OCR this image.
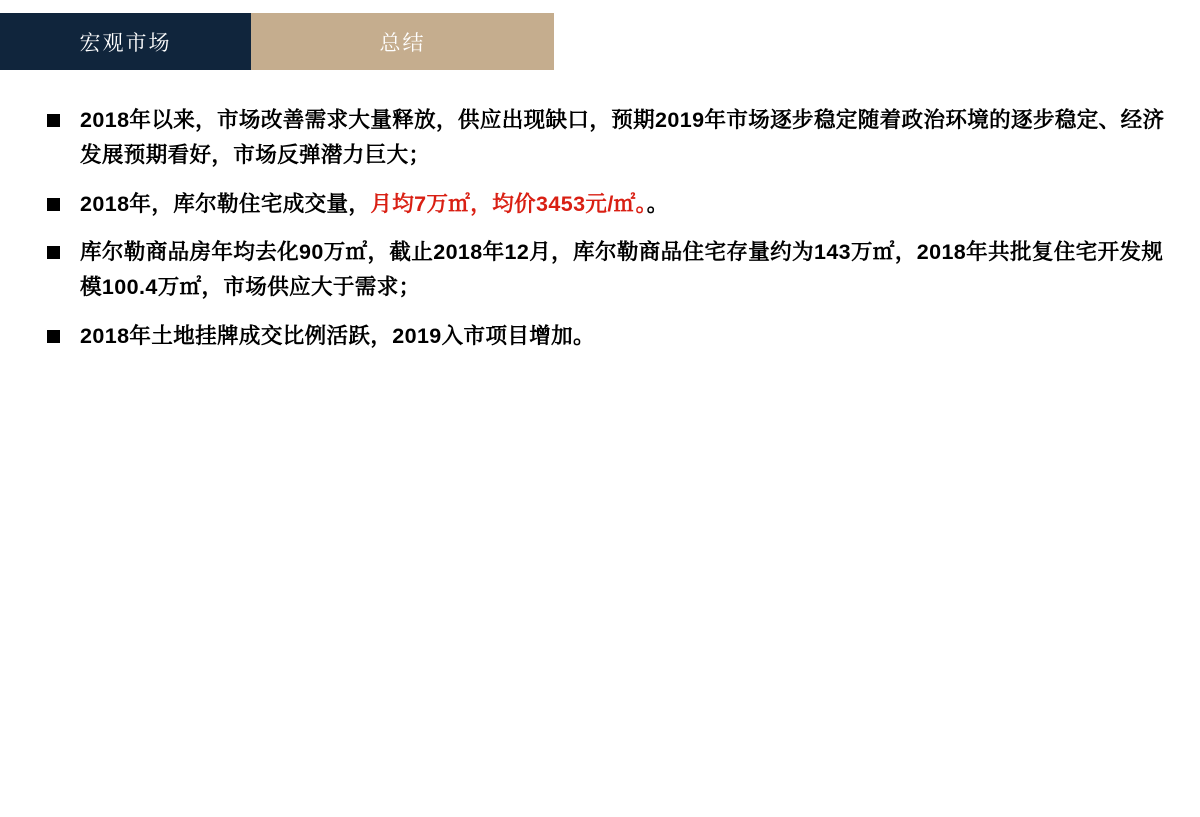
宏观市场	总结
2018年以来，市场改善需求大量释放，供应出现缺口，预期2019年市场逐步稳定随着政治环境的逐步稳定、经济发展预期看好，市场反弹潜力巨大；
2018年，库尔勒住宅成交量，月均7万㎡，均价3453元/㎡。。
库尔勒商品房年均去化90万㎡，截止2018年12月，库尔勒商品住宅存量约为143万㎡，2018年共批复住宅开发规模100.4万㎡，市场供应大于需求；
2018年土地挂牌成交比例活跃，2019入市项目增加。
